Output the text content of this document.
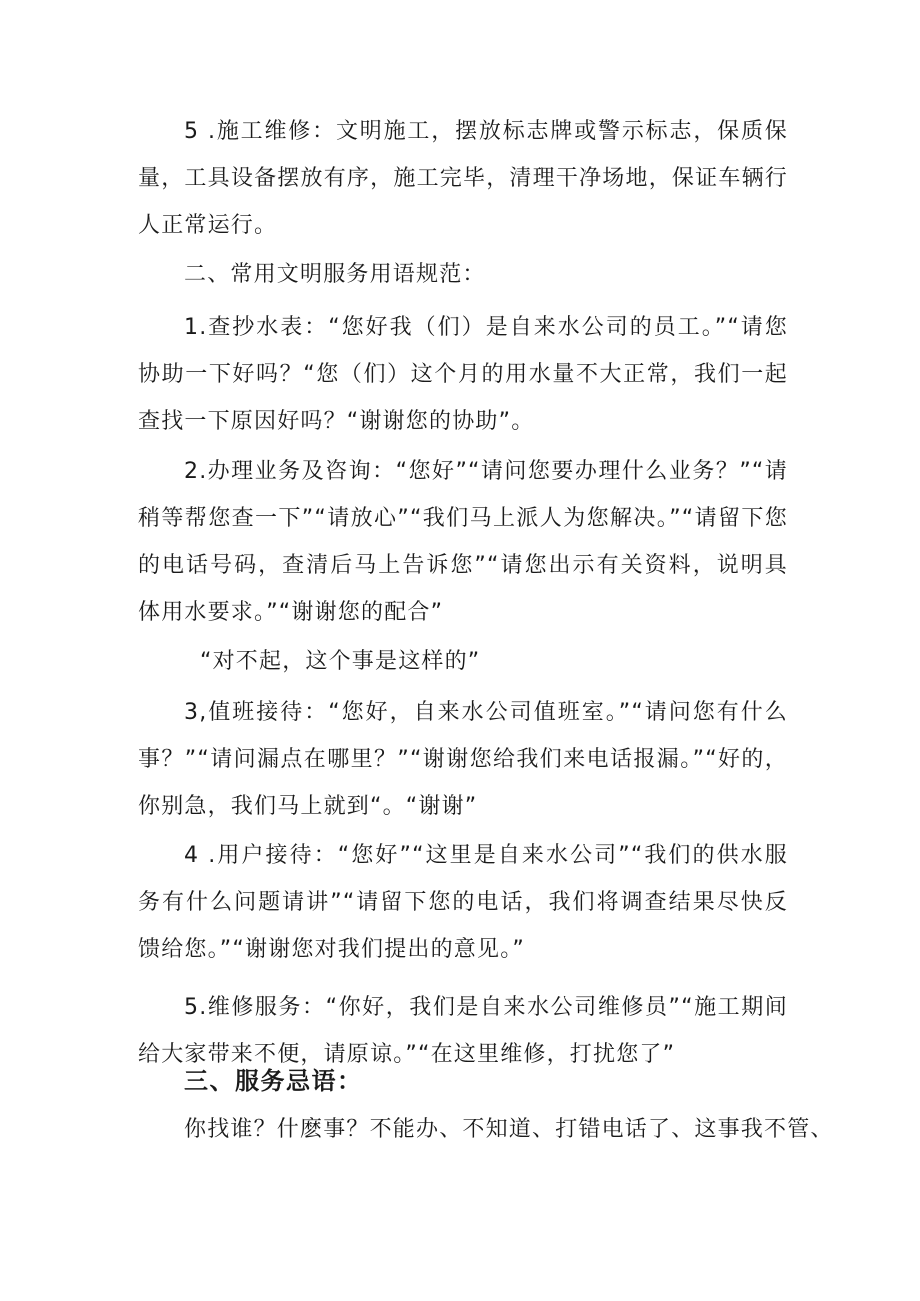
5 .施工维修：文明施工，摆放标志牌或警示标志，保质保量，工具设备摆放有序，施工完毕，清理干净场地，保证车辆行人正常运行。

二、常用文明服务用语规范：

1.查抄水表：“您好我（们）是自来水公司的员工。”“请您协助一下好吗？“您（们）这个月的用水量不大正常，我们一起查找一下原因好吗？“谢谢您的协助”。

2.办理业务及咨询：“您好”“请问您要办理什么业务？”“请稍等帮您查一下”“请放心”“我们马上派人为您解决。”“请留下您的电话号码，查清后马上告诉您”“请您出示有关资料，说明具体用水要求。”“谢谢您的配合”

“对不起，这个事是这样的”

3,值班接待：“您好，自来水公司值班室。”“请问您有什么事？”“请问漏点在哪里？”“谢谢您给我们来电话报漏。”“好的，你别急，我们马上就到“。“谢谢”

4 .用户接待：“您好”“这里是自来水公司”“我们的供水服务有什么问题请讲”“请留下您的电话，我们将调查结果尽快反馈给您。”“谢谢您对我们提出的意见。”

5.维修服务：“你好，我们是自来水公司维修员”“施工期间给大家带来不便，请原谅。”“在这里维修，打扰您了”

三、服务忌语：

你找谁？什麽事？不能办、不知道、打错电话了、这事我不管、
